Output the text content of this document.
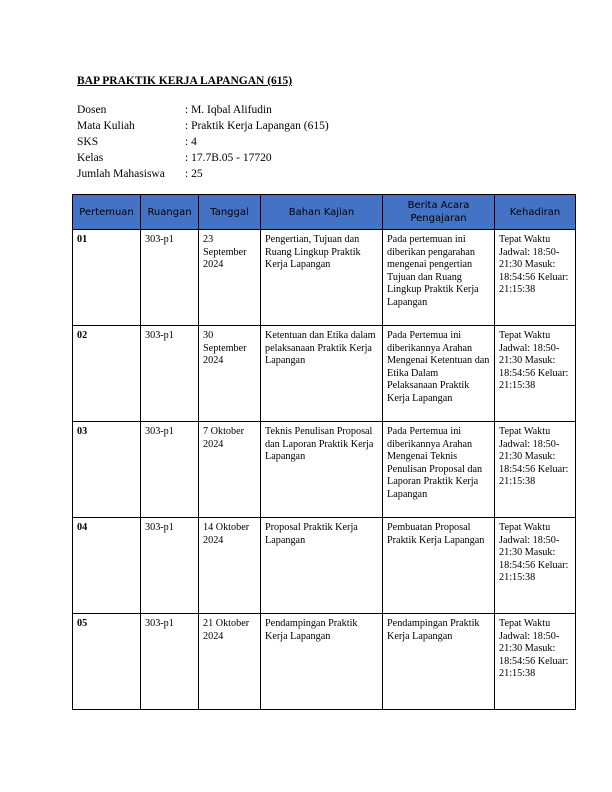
BAP PRAKTIK KERJA LAPANGAN (615)
Dosen	: M. Iqbal Alifudin
Mata Kuliah	: Praktik Kerja Lapangan (615)
SKS	: 4
Kelas	: 17.7B.05 - 17720
Jumlah Mahasiswa : 25
Pertemuan	Ruangan	Tanggal	Bahan Kajian	Berita Acara Pengajaran	Kehadiran
01	303-p1	23 September 2024	Pengertian, Tujuan dan Ruang Lingkup Praktik Kerja Lapangan	Pada pertemuan ini diberikan pengarahan mengenai pengertian Tujuan dan Ruang Lingkup Praktik Kerja Lapangan	Tepat Waktu Jadwal: 18:50-21:30 Masuk: 18:54:56 Keluar: 21:15:38
02	303-p1	30 September 2024	Ketentuan dan Etika dalam pelaksanaan Praktik Kerja Lapangan	Pada Pertemua ini diberikannya Arahan Mengenai Ketentuan dan Etika Dalam Pelaksanaan Praktik Kerja Lapangan	Tepat Waktu Jadwal: 18:50-21:30 Masuk: 18:54:56 Keluar: 21:15:38
03	303-p1	7 Oktober 2024	Teknis Penulisan Proposal dan Laporan Praktik Kerja Lapangan	Pada Pertemua ini diberikannya Arahan Mengenai Teknis Penulisan Proposal dan Laporan Praktik Kerja Lapangan	Tepat Waktu Jadwal: 18:50-21:30 Masuk: 18:54:56 Keluar: 21:15:38
04	303-p1	14 Oktober 2024	Proposal Praktik Kerja Lapangan	Pembuatan Proposal Praktik Kerja Lapangan	Tepat Waktu Jadwal: 18:50-21:30 Masuk: 18:54:56 Keluar: 21:15:38
05	303-p1	21 Oktober 2024	Pendampingan Praktik Kerja Lapangan	Pendampingan Praktik Kerja Lapangan	Tepat Waktu Jadwal: 18:50-21:30 Masuk: 18:54:56 Keluar: 21:15:38
